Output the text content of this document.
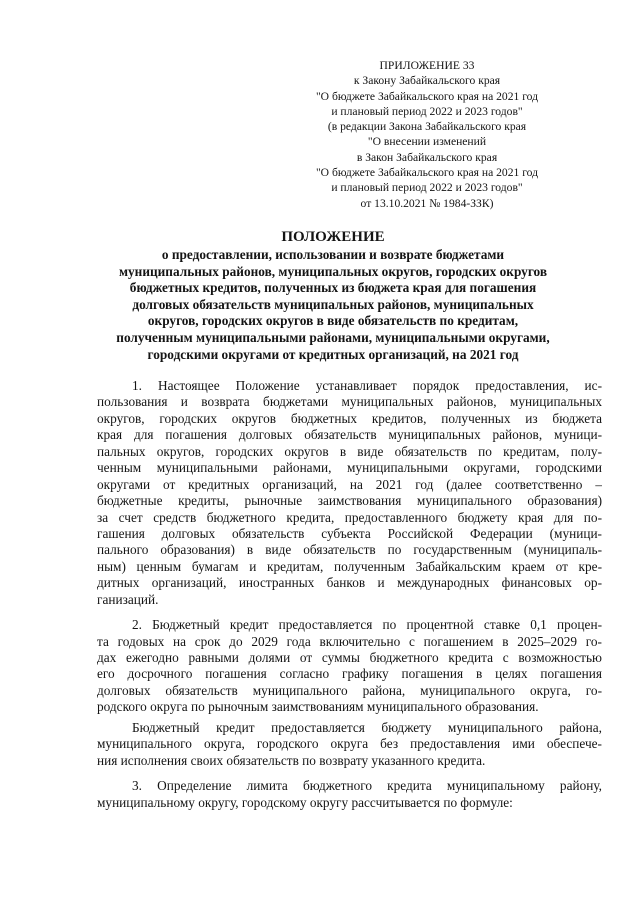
ПРИЛОЖЕНИЕ 33
к Закону Забайкальского края
"О бюджете Забайкальского края на 2021 год
и плановый период 2022 и 2023 годов"
(в редакции Закона Забайкальского края
"О внесении изменений
в Закон Забайкальского края
"О бюджете Забайкальского края на 2021 год
и плановый период 2022 и 2023 годов"
от 13.10.2021 № 1984-ЗЗК)
ПОЛОЖЕНИЕ
о предоставлении, использовании и возврате бюджетами
муниципальных районов, муниципальных округов, городских округов
бюджетных кредитов, полученных из бюджета края для погашения
долговых обязательств муниципальных районов, муниципальных
округов, городских округов в виде обязательств по кредитам,
полученным муниципальными районами, муниципальными округами,
городскими округами от кредитных организаций, на 2021 год
1. Настоящее Положение устанавливает порядок предоставления, ис-
пользования и возврата бюджетами муниципальных районов, муниципальных
округов, городских округов бюджетных кредитов, полученных из бюджета
края для погашения долговых обязательств муниципальных районов, муници-
пальных округов, городских округов в виде обязательств по кредитам, полу-
ченным муниципальными районами, муниципальными округами, городскими
округами от кредитных организаций, на 2021 год (далее соответственно –
бюджетные кредиты, рыночные заимствования муниципального образования)
за счет средств бюджетного кредита, предоставленного бюджету края для по-
гашения долговых обязательств субъекта Российской Федерации (муници-
пального образования) в виде обязательств по государственным (муниципаль-
ным) ценным бумагам и кредитам, полученным Забайкальским краем от кре-
дитных организаций, иностранных банков и международных финансовых ор-
ганизаций.
2. Бюджетный кредит предоставляется по процентной ставке 0,1 процен-
та годовых на срок до 2029 года включительно с погашением в 2025–2029 го-
дах ежегодно равными долями от суммы бюджетного кредита с возможностью
его досрочного погашения согласно графику погашения в целях погашения
долговых обязательств муниципального района, муниципального округа, го-
родского округа по рыночным заимствованиям муниципального образования.
Бюджетный кредит предоставляется бюджету муниципального района,
муниципального округа, городского округа без предоставления ими обеспече-
ния исполнения своих обязательств по возврату указанного кредита.
3. Определение лимита бюджетного кредита муниципальному району,
муниципальному округу, городскому округу рассчитывается по формуле:
